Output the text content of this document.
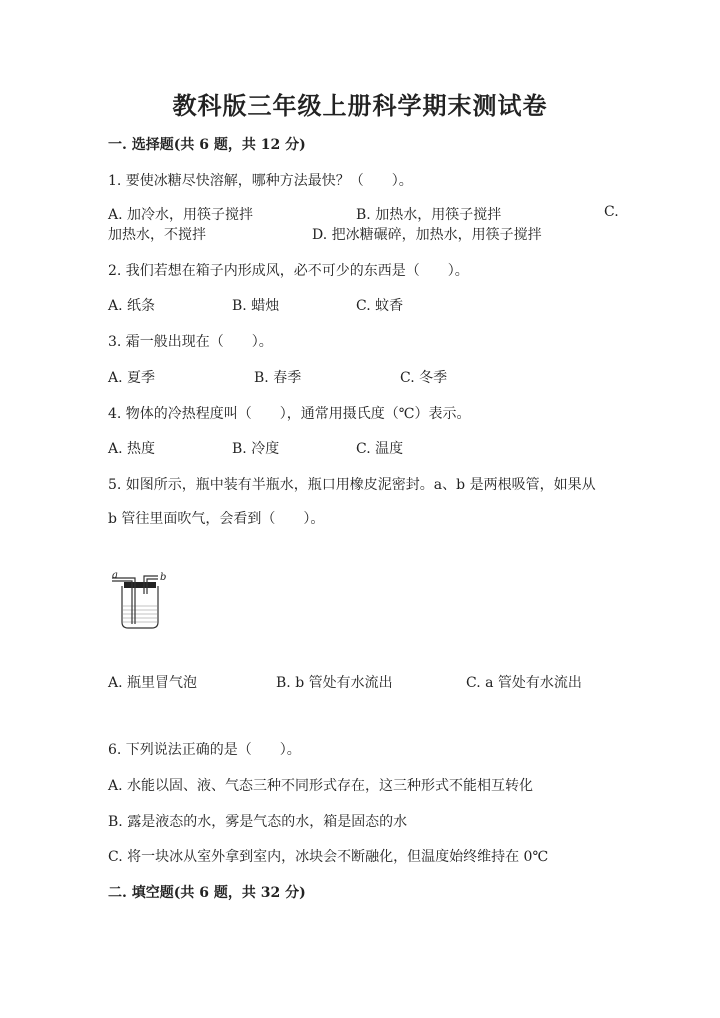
教科版三年级上册科学期末测试卷
一. 选择题(共 6 题，共 12 分)
1. 要使冰糖尽快溶解，哪种方法最快？（　　）。
A. 加冷水，用筷子搅拌	B. 加热水，用筷子搅拌	C.
加热水，不搅拌	D. 把冰糖碾碎，加热水，用筷子搅拌
2. 我们若想在箱子内形成风，必不可少的东西是（　　）。
A. 纸条	B. 蜡烛	C. 蚊香
3. 霜一般出现在（　　）。
A. 夏季	B. 春季	C. 冬季
4. 物体的冷热程度叫（　　），通常用摄氏度（℃）表示。
A. 热度	B. 冷度	C. 温度
5. 如图所示，瓶中装有半瓶水，瓶口用橡皮泥密封。a、b 是两根吸管，如果从
b 管往里面吹气，会看到（　　）。
a	b
A. 瓶里冒气泡	B. b 管处有水流出	C. a 管处有水流出
6. 下列说法正确的是（　　）。
A. 水能以固、液、气态三种不同形式存在，这三种形式不能相互转化
B. 露是液态的水，雾是气态的水，箱是固态的水
C. 将一块冰从室外拿到室内，冰块会不断融化，但温度始终维持在 0℃
二. 填空题(共 6 题，共 32 分)
